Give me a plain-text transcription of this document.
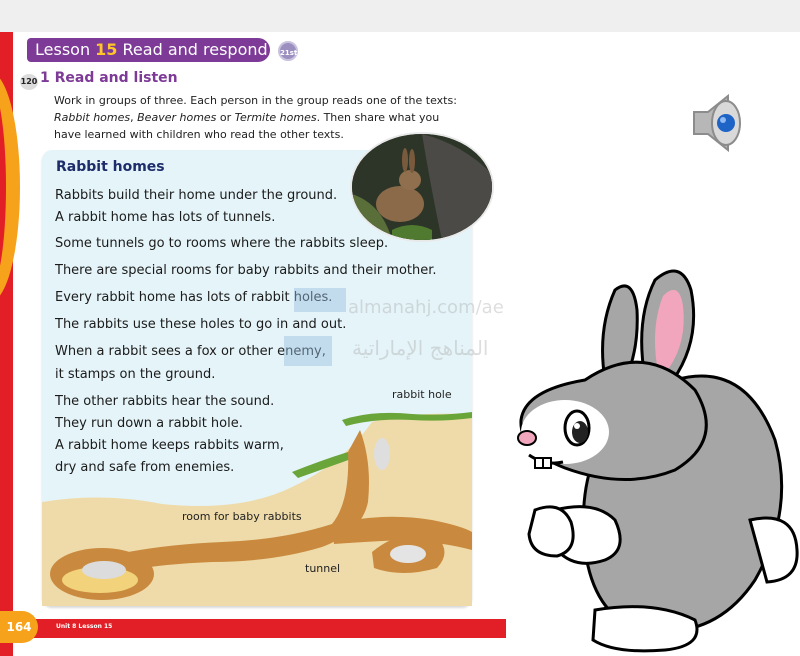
Lesson 15 Read and respond	21st
120 1 Read and listen
Work in groups of three. Each person in the group reads one of the texts:
Rabbit homes, Beaver homes or Termite homes. Then share what you
have learned with children who read the other texts.
Rabbit homes
Rabbits build their home under the ground.
A rabbit home has lots of tunnels.
Some tunnels go to rooms where the rabbits sleep.
There are special rooms for baby rabbits and their mother.
Every rabbit home has lots of rabbit holes.
The rabbits use these holes to go in and out.
When a rabbit sees a fox or other enemy,
it stamps on the ground.
The other rabbits hear the sound.
They run down a rabbit hole.
A rabbit home keeps rabbits warm,
dry and safe from enemies.
almanahj.com/ae
المناهج الإماراتية
rabbit hole
room for baby rabbits
tunnel
164	Unit 8 Lesson 15
